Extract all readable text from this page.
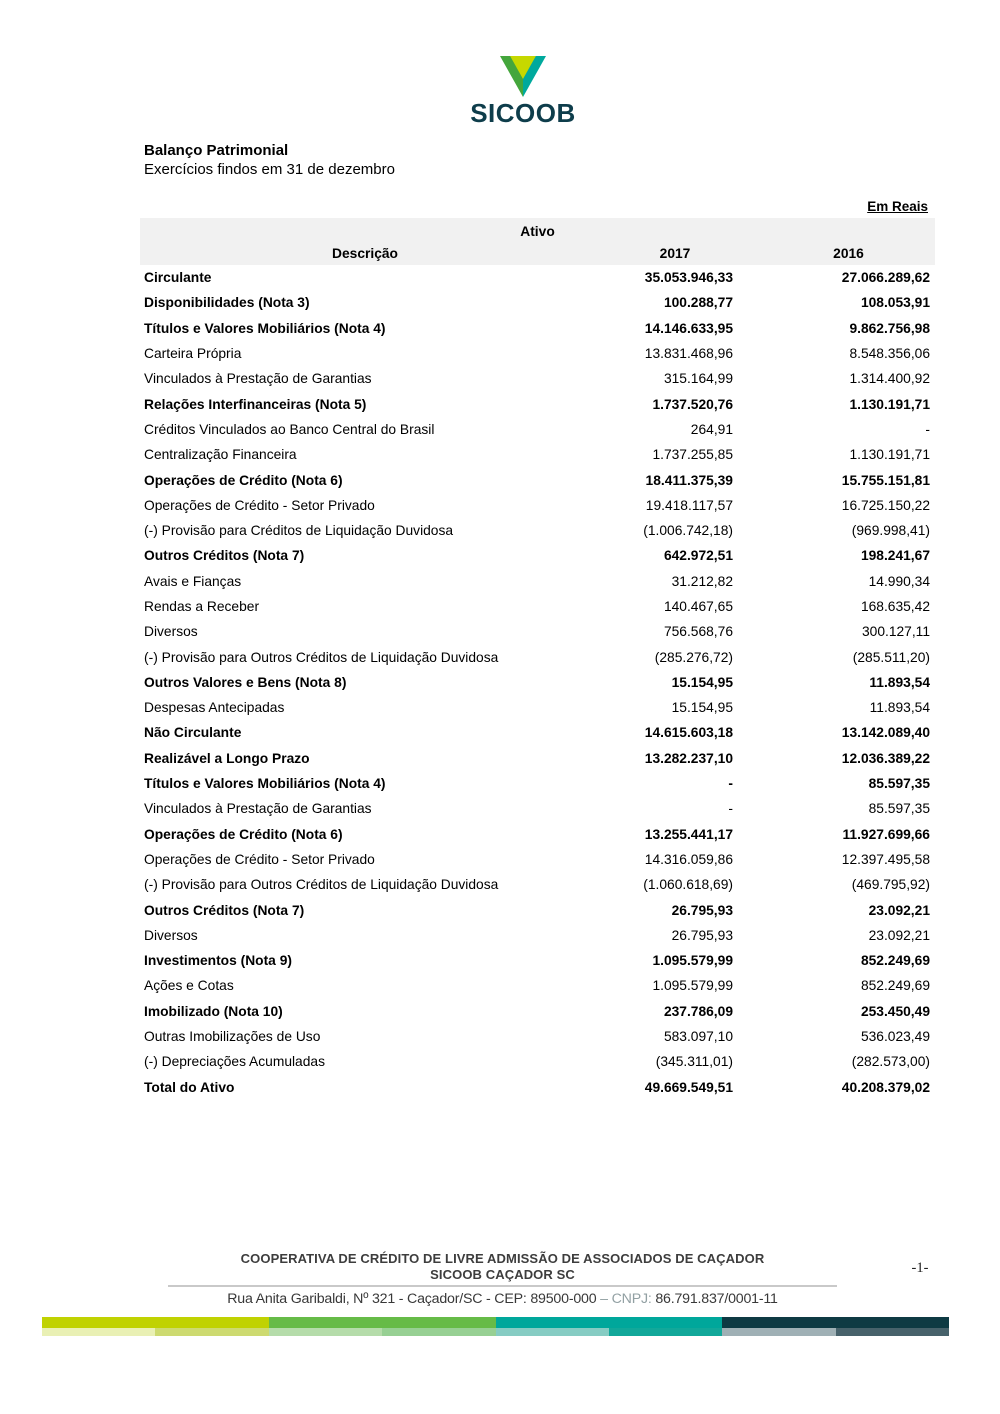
SICOOB
Balanço Patrimonial
Exercícios findos em 31 de dezembro
Em Reais
Ativo
Descrição	2017	2016
Circulante	35.053.946,33	27.066.289,62
Disponibilidades (Nota 3)	100.288,77	108.053,91
Títulos e Valores Mobiliários (Nota 4)	14.146.633,95	9.862.756,98
Carteira Própria	13.831.468,96	8.548.356,06
Vinculados à Prestação de Garantias	315.164,99	1.314.400,92
Relações Interfinanceiras (Nota 5)	1.737.520,76	1.130.191,71
Créditos Vinculados ao Banco Central do Brasil	264,91	-
Centralização Financeira	1.737.255,85	1.130.191,71
Operações de Crédito (Nota 6)	18.411.375,39	15.755.151,81
Operações de Crédito - Setor Privado	19.418.117,57	16.725.150,22
(-) Provisão para Créditos de Liquidação Duvidosa	(1.006.742,18)	(969.998,41)
Outros Créditos (Nota 7)	642.972,51	198.241,67
Avais e Fianças	31.212,82	14.990,34
Rendas a Receber	140.467,65	168.635,42
Diversos	756.568,76	300.127,11
(-) Provisão para Outros Créditos de Liquidação Duvidosa	(285.276,72)	(285.511,20)
Outros Valores e Bens (Nota 8)	15.154,95	11.893,54
Despesas Antecipadas	15.154,95	11.893,54
Não Circulante	14.615.603,18	13.142.089,40
Realizável a Longo Prazo	13.282.237,10	12.036.389,22
Títulos e Valores Mobiliários (Nota 4)	-	85.597,35
Vinculados à Prestação de Garantias	-	85.597,35
Operações de Crédito (Nota 6)	13.255.441,17	11.927.699,66
Operações de Crédito - Setor Privado	14.316.059,86	12.397.495,58
(-) Provisão para Outros Créditos de Liquidação Duvidosa	(1.060.618,69)	(469.795,92)
Outros Créditos (Nota 7)	26.795,93	23.092,21
Diversos	26.795,93	23.092,21
Investimentos (Nota 9)	1.095.579,99	852.249,69
Ações e Cotas	1.095.579,99	852.249,69
Imobilizado (Nota 10)	237.786,09	253.450,49
Outras Imobilizações de Uso	583.097,10	536.023,49
(-) Depreciações Acumuladas	(345.311,01)	(282.573,00)
Total do Ativo	49.669.549,51	40.208.379,02
COOPERATIVA DE CRÉDITO DE LIVRE ADMISSÃO DE ASSOCIADOS DE CAÇADOR
SICOOB CAÇADOR SC	-1-
Rua Anita Garibaldi, Nº 321 - Caçador/SC - CEP: 89500-000 – CNPJ: 86.791.837/0001-11
